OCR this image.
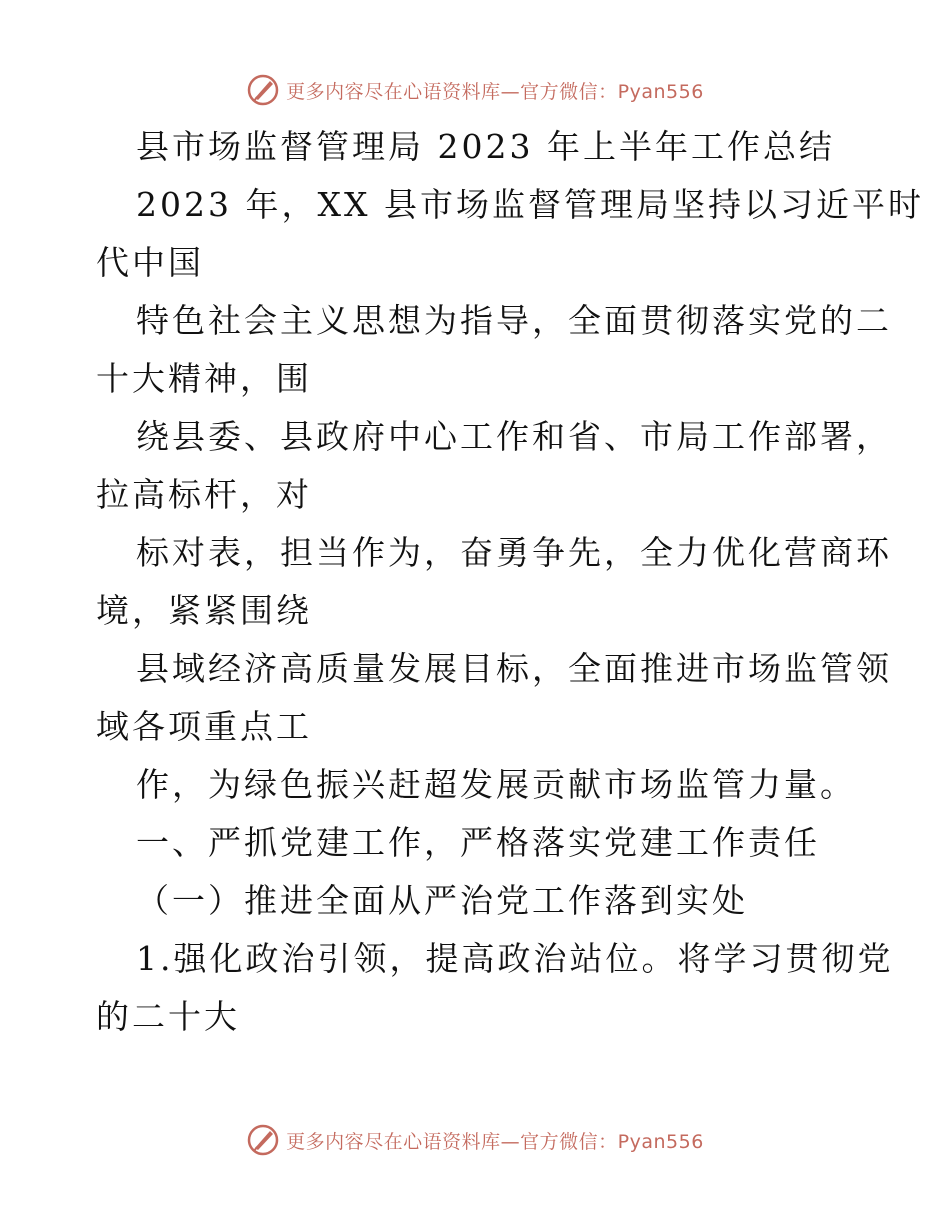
更多内容尽在心语资料库—官方微信：Pyan556
县市场监督管理局 2023 年上半年工作总结
2023 年，XX 县市场监督管理局坚持以习近平时
代中国
特色社会主义思想为指导，全面贯彻落实党的二
十大精神，围
绕县委、县政府中心工作和省、市局工作部署，
拉高标杆，对
标对表，担当作为，奋勇争先，全力优化营商环
境，紧紧围绕
县域经济高质量发展目标，全面推进市场监管领
域各项重点工
作，为绿色振兴赶超发展贡献市场监管力量。
一、严抓党建工作，严格落实党建工作责任
（一）推进全面从严治党工作落到实处
1.强化政治引领，提高政治站位。将学习贯彻党
的二十大
更多内容尽在心语资料库—官方微信：Pyan556
